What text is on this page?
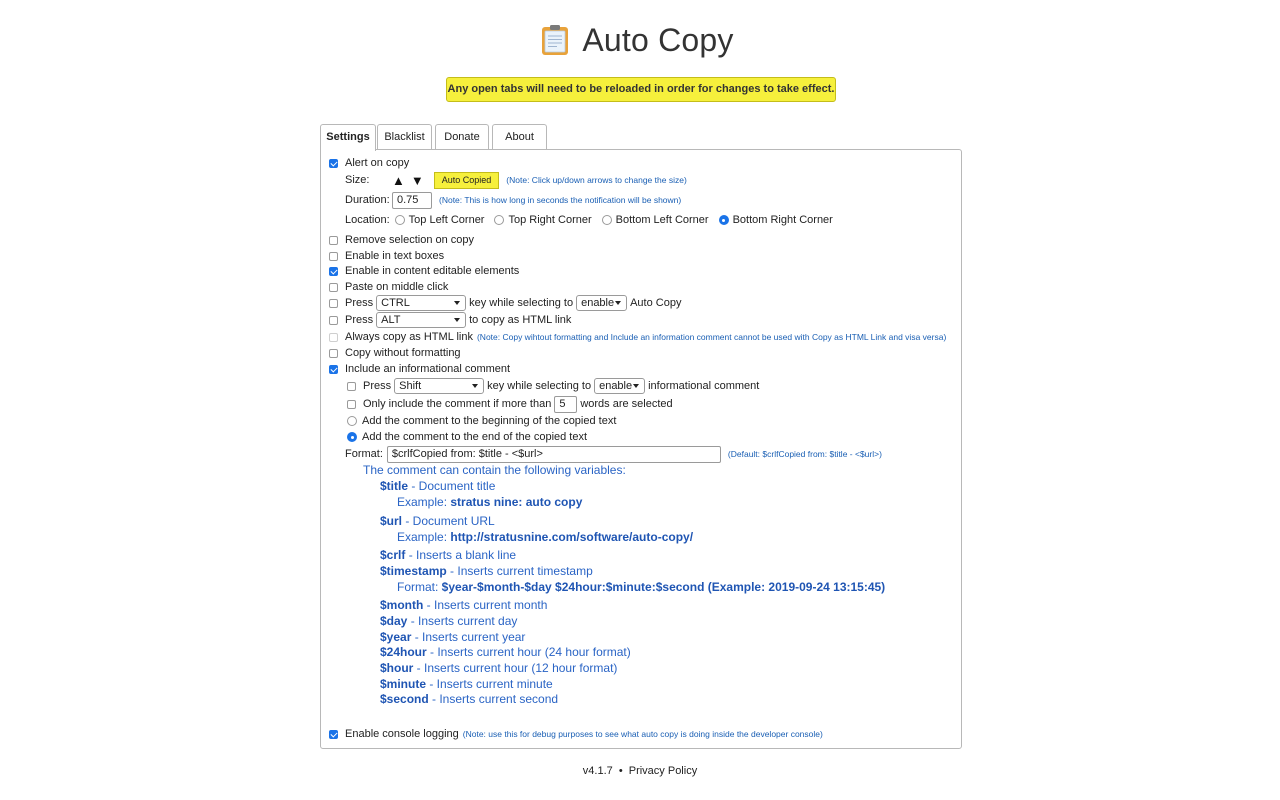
Auto Copy
Any open tabs will need to be reloaded in order for changes to take effect.
Settings	Blacklist	Donate	About
Alert on copy
Size:	▲ ▼	Auto Copied	(Note: Click up/down arrows to change the size)
Duration: 0.75	(Note: This is how long in seconds the notification will be shown)
Location: Top Left Corner Top Right Corner Bottom Left Corner Bottom Right Corner
Remove selection on copy
Enable in text boxes
Enable in content editable elements
Paste on middle click
Press CTRL	key while selecting to enable	Auto Copy
Press ALT	to copy as HTML link
Always copy as HTML link (Note: Copy wihtout formatting and Include an information comment cannot be used with Copy as HTML Link and visa versa)
Copy without formatting
Include an informational comment
Press Shift	key while selecting to enable	informational comment
Only include the comment if more than 5	words are selected
Add the comment to the beginning of the copied text
Add the comment to the end of the copied text
Format: $crlfCopied from: $title - <$url>	(Default: $crlfCopied from: $title - <$url>)
The comment can contain the following variables:
$title - Document title
Example: stratus nine: auto copy
$url - Document URL
Example: http://stratusnine.com/software/auto-copy/
$crlf - Inserts a blank line
$timestamp - Inserts current timestamp
Format: $year-$month-$day $24hour:$minute:$second (Example: 2019-09-24 13:15:45)
$month - Inserts current month
$day - Inserts current day
$year - Inserts current year
$24hour - Inserts current hour (24 hour format)
$hour - Inserts current hour (12 hour format)
$minute - Inserts current minute
$second - Inserts current second
Enable console logging (Note: use this for debug purposes to see what auto copy is doing inside the developer console)
v4.1.7 • Privacy Policy
